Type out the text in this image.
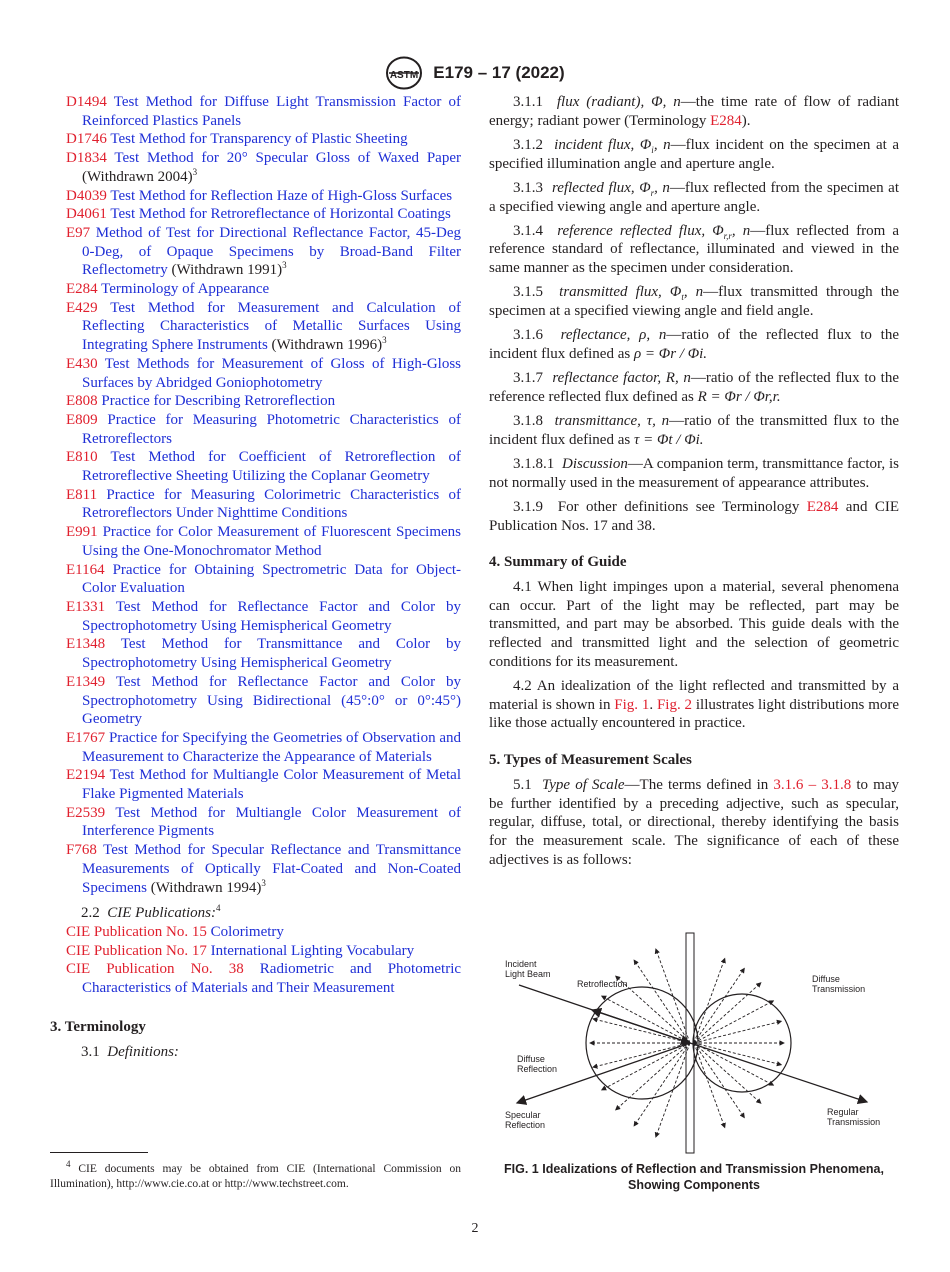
ASTM E179 – 17 (2022)
D1494 Test Method for Diffuse Light Transmission Factor of Reinforced Plastics Panels
D1746 Test Method for Transparency of Plastic Sheeting
D1834 Test Method for 20° Specular Gloss of Waxed Paper (Withdrawn 2004)$^3$
D4039 Test Method for Reflection Haze of High-Gloss Surfaces
D4061 Test Method for Retroreflectance of Horizontal Coatings
E97 Method of Test for Directional Reflectance Factor, 45-Deg 0-Deg, of Opaque Specimens by Broad-Band Filter Reflectometry (Withdrawn 1991)$^3$
E284 Terminology of Appearance
E429 Test Method for Measurement and Calculation of Reflecting Characteristics of Metallic Surfaces Using Integrating Sphere Instruments (Withdrawn 1996)$^3$
E430 Test Methods for Measurement of Gloss of High-Gloss Surfaces by Abridged Goniophotometry
E808 Practice for Describing Retroreflection
E809 Practice for Measuring Photometric Characteristics of Retroreflectors
E810 Test Method for Coefficient of Retroreflection of Retroreflective Sheeting Utilizing the Coplanar Geometry
E811 Practice for Measuring Colorimetric Characteristics of Retroreflectors Under Nighttime Conditions
E991 Practice for Color Measurement of Fluorescent Specimens Using the One-Monochromator Method
E1164 Practice for Obtaining Spectrometric Data for Object-Color Evaluation
E1331 Test Method for Reflectance Factor and Color by Spectrophotometry Using Hemispherical Geometry
E1348 Test Method for Transmittance and Color by Spectrophotometry Using Hemispherical Geometry
E1349 Test Method for Reflectance Factor and Color by Spectrophotometry Using Bidirectional (45°:0° or 0°:45°) Geometry
E1767 Practice for Specifying the Geometries of Observation and Measurement to Characterize the Appearance of Materials
E2194 Test Method for Multiangle Color Measurement of Metal Flake Pigmented Materials
E2539 Test Method for Multiangle Color Measurement of Interference Pigments
F768 Test Method for Specular Reflectance and Transmittance Measurements of Optically Flat-Coated and Non-Coated Specimens (Withdrawn 1994)$^3$
2.2 CIE Publications:$^4$
CIE Publication No. 15 Colorimetry
CIE Publication No. 17 International Lighting Vocabulary
CIE Publication No. 38 Radiometric and Photometric Characteristics of Materials and Their Measurement
3. Terminology
3.1 Definitions:
$^4$ CIE documents may be obtained from CIE (International Commission on Illumination), http://www.cie.co.at or http://www.techstreet.com.

3.1.1 flux (radiant), Φ, n—the time rate of flow of radiant energy; radiant power (Terminology E284).

3.1.2 incident flux, $\Phi_i$, n—flux incident on the specimen at a specified illumination angle and aperture angle.

3.1.3 reflected flux, $\Phi_r$, n—flux reflected from the specimen at a specified viewing angle and aperture angle.

3.1.4 reference reflected flux, $\Phi_{r,r}$, n—flux reflected from a reference standard of reflectance, illuminated and viewed in the same manner as the specimen under consideration.

3.1.5 transmitted flux, $\Phi_t$, n—flux transmitted through the specimen at a specified viewing angle and field angle.

3.1.6 reflectance, ρ, n—ratio of the reflected flux to the incident flux defined as ρ = Φr / Φi.

3.1.7 reflectance factor, R, n—ratio of the reflected flux to the reference reflected flux defined as R = Φr / Φr,r.

3.1.8 transmittance, τ, n—ratio of the transmitted flux to the incident flux defined as τ = Φt / Φi.

3.1.8.1 Discussion—A companion term, transmittance factor, is not normally used in the measurement of appearance attributes.

3.1.9 For other definitions see Terminology E284 and CIE Publication Nos. 17 and 38.

4. Summary of Guide

4.1 When light impinges upon a material, several phenomena can occur. Part of the light may be reflected, part may be transmitted, and part may be absorbed. This guide deals with the reflected and transmitted light and the selection of geometric conditions for its measurement.

4.2 An idealization of the light reflected and transmitted by a material is shown in Fig. 1. Fig. 2 illustrates light distributions more like those actually encountered in practice.

5. Types of Measurement Scales

5.1 Type of Scale—The terms defined in 3.1.6 – 3.1.8 to may be further identified by a preceding adjective, such as specular, regular, diffuse, total, or directional, thereby identifying the basis for the measurement scale. The significance of each of these adjectives is as follows:

Incident
Light Beam
Retroflection	Diffuse
Transmission
Diffuse
Reflection
Specular
Reflection
Regular
Transmission
FIG. 1 Idealizations of Reflection and Transmission Phenomena,
Showing Components
2
